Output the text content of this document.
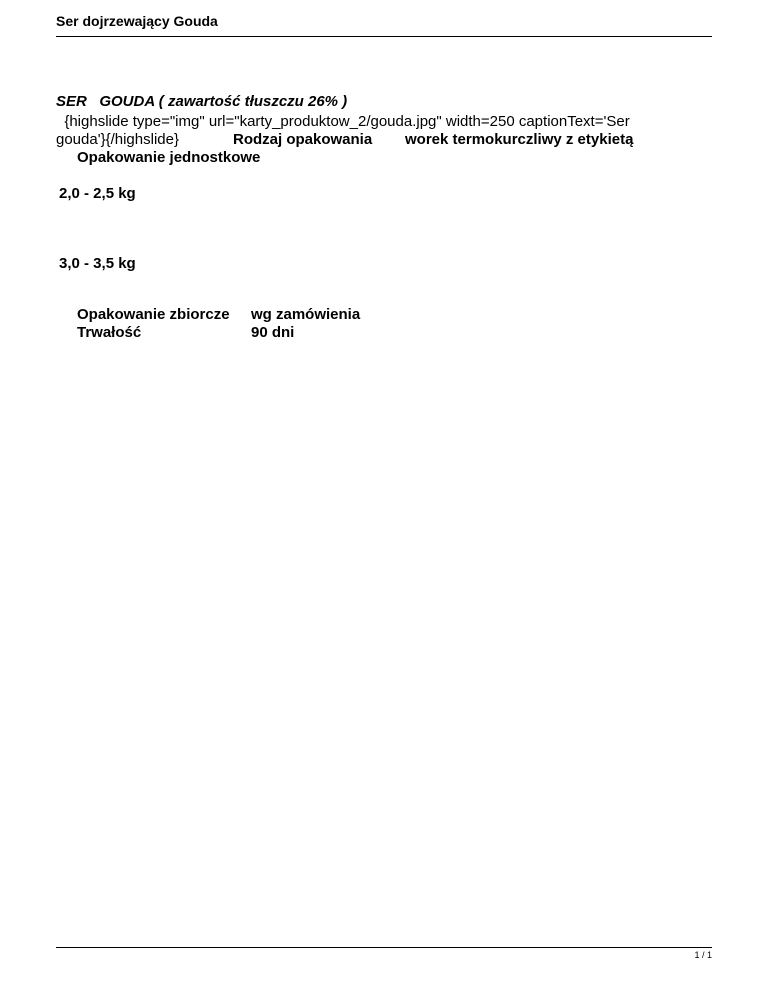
Ser dojrzewający Gouda
SER   GOUDA ( zawartość tłuszczu 26% )
{highslide type="img" url="karty_produktow_2/gouda.jpg" width=250 captionText='Ser
gouda'}{/highslide}	Rodzaj opakowania worek termokurczliwy z etykietą
Opakowanie jednostkowe
2,0 - 2,5 kg
3,0 - 3,5 kg
Opakowanie zbiorcze wg zamówienia
Trwałość	90 dni
1 / 1
